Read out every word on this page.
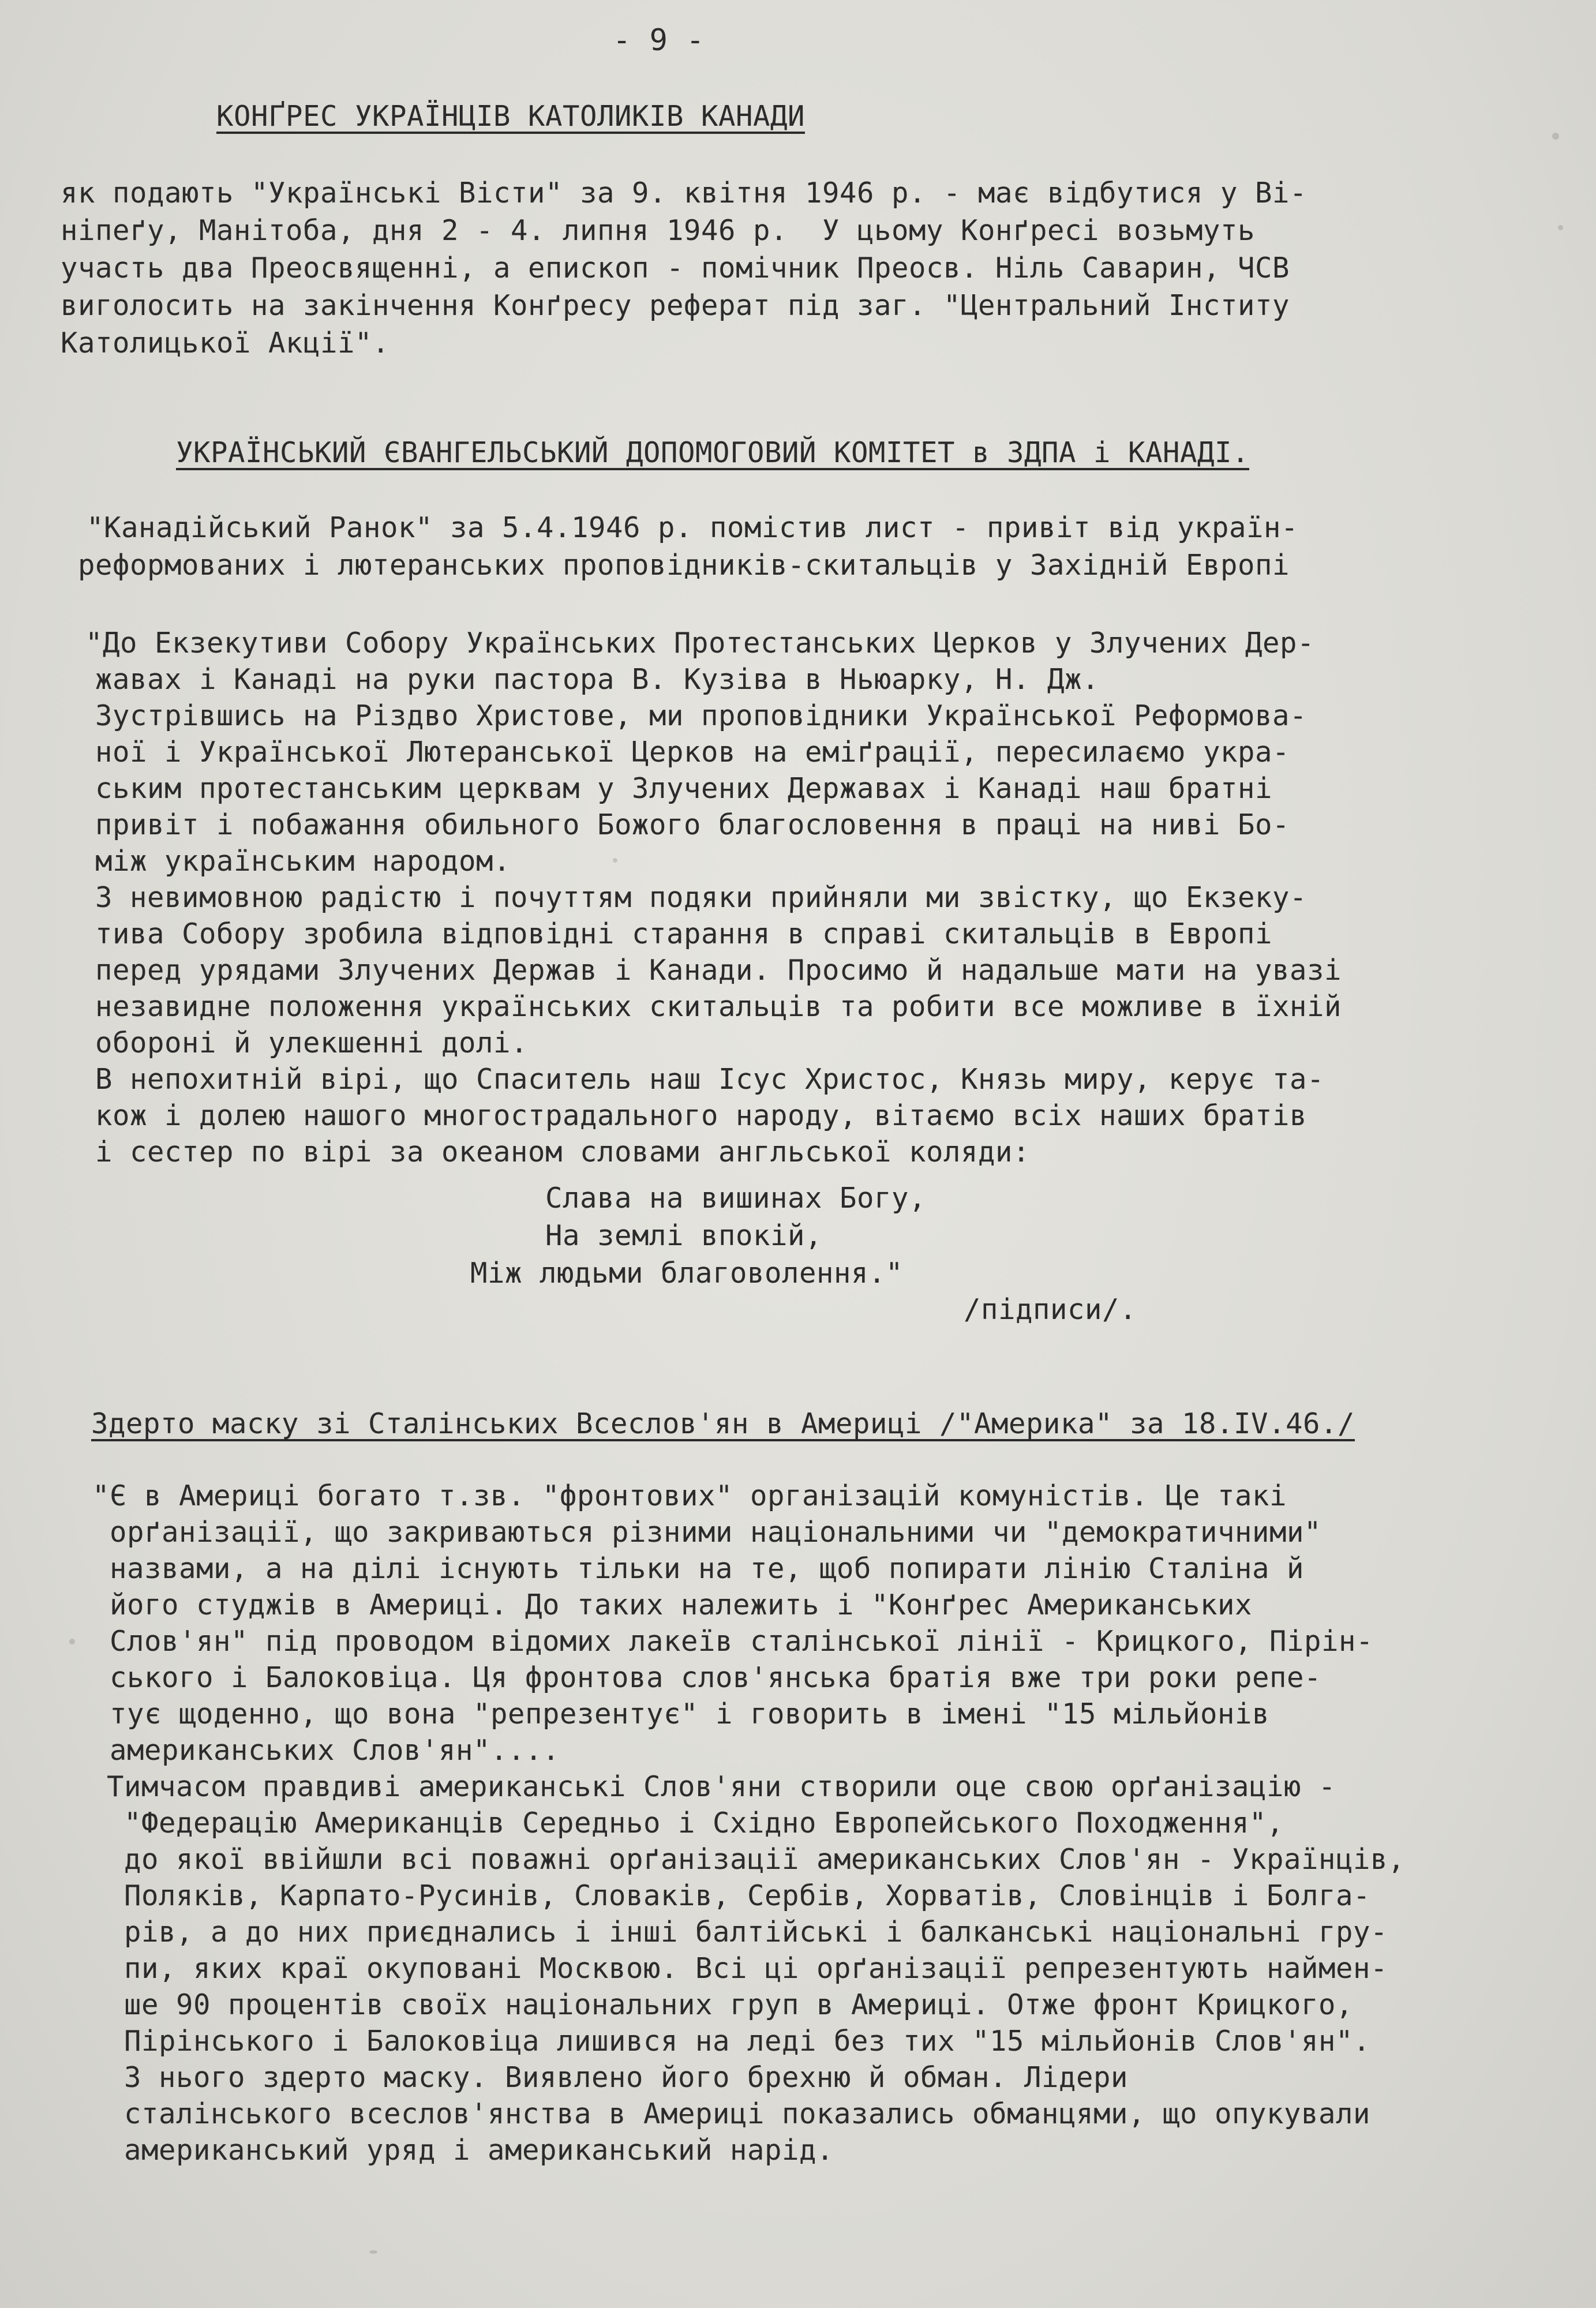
- 9 -
КОНҐРЕС УКРАЇНЦІВ КАТОЛИКІВ КАНАДИ
як подають "Українські Вісти" за 9. квітня 1946 р. - має відбутися у Ві-
ніпеґу, Манітоба, дня 2 - 4. липня 1946 р.  У цьому Конґресі возьмуть
участь два Преосвященні, а епископ - помічник Преосв. Ніль Саварин, ЧСВ
виголосить на закінчення Конґресу реферат під заг. "Центральний Інститу
Католицької Акції".
УКРАЇНСЬКИЙ ЄВАНГЕЛЬСЬКИЙ ДОПОМОГОВИЙ КОМІТЕТ в ЗДПА і КАНАДІ.
"Канадійський Ранок" за 5.4.1946 р. помістив лист - привіт від україн-
реформованих і лютеранських проповідників-скитальців у Західній Европі
"До Екзекутиви Собору Українських Протестанських Церков у Злучених Дер-
жавах і Канаді на руки пастора В. Кузіва в Ньюарку, Н. Дж.
Зустрівшись на Різдво Христове, ми проповідники Української Реформова-
ної і Української Лютеранської Церков на еміґрації, пересилаємо укра-
ським протестанським церквам у Злучених Державах і Канаді наш братні
привіт і побажання обильного Божого благословення в праці на ниві Бо-
між українським народом.
З невимовною радістю і почуттям подяки прийняли ми звістку, що Екзеку-
тива Собору зробила відповідні старання в справі скитальців в Европі
перед урядами Злучених Держав і Канади. Просимо й надальше мати на увазі
незавидне положення українських скитальців та робити все можливе в їхній
обороні й улекшенні долі.
В непохитній вірі, що Спаситель наш Ісус Христос, Князь миру, керує та-
кож і долею нашого многострадального народу, вітаємо всіх наших братів
і сестер по вірі за океаном словами англьської коляди:
Слава на вишинах Богу,
На землі впокій,
Між людьми благоволення."
/підписи/.
Здерто маску зі Сталінських Всеслов'ян в Америці /"Америка" за 18.IV.46./
"Є в Америці богато т.зв. "фронтових" організацій комуністів. Це такі
орґанізації, що закриваються різними національними чи "демократичними"
назвами, а на ділі існують тільки на те, щоб попирати лінію Сталіна й
його студжів в Америці. До таких належить і "Конґрес Американських
Слов'ян" під проводом відомих лакеїв сталінської лінії - Крицкого, Пірін-
ського і Балоковіца. Ця фронтова слов'янська братія вже три роки репе-
тує щоденно, що вона "репрезентує" і говорить в імені "15 мільйонів
американських Слов'ян"....
Тимчасом правдиві американські Слов'яни створили оце свою орґанізацію -
"Федерацію Американців Середньо і Східно Европейського Походження",
до якої ввійшли всі поважні орґанізації американських Слов'ян - Українців,
Поляків, Карпато-Русинів, Словаків, Сербів, Хорватів, Словінців і Болга-
рів, а до них приєднались і інші балтійські і балканські національні гру-
пи, яких краї окуповані Москвою. Всі ці орґанізації репрезентують наймен-
ше 90 процентів своїх національних груп в Америці. Отже фронт Крицкого,
Пірінського і Балоковіца лишився на леді без тих "15 мільйонів Слов'ян".
З нього здерто маску. Виявлено його брехню й обман. Лідери
сталінського всеслов'янства в Америці показались обманцями, що опукували
американський уряд і американський нарід.
